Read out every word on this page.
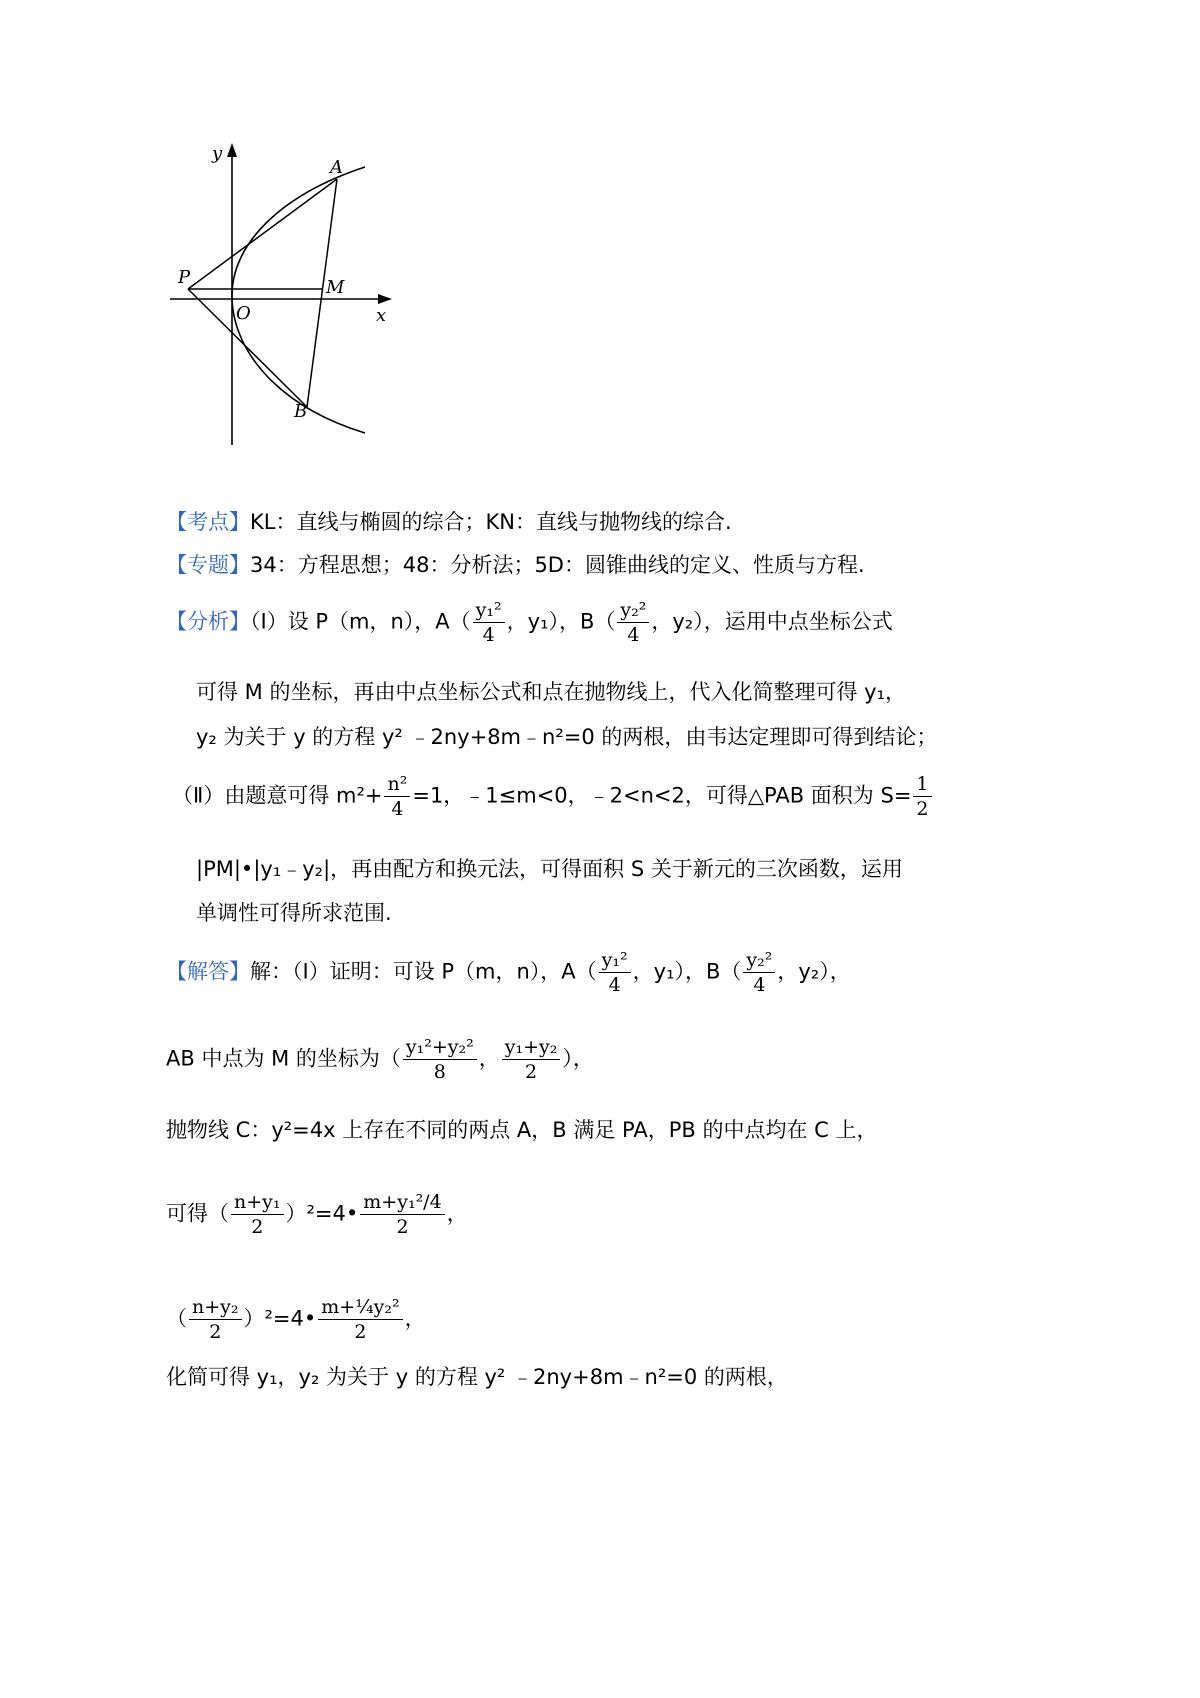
y
x
O
P
A
M
B
【考点】KL：直线与椭圆的综合；KN：直线与抛物线的综合.
【专题】34：方程思想；48：分析法；5D：圆锥曲线的定义、性质与方程.
【分析】（Ⅰ）设 P（m，n），$A( \frac{\text{y₁²}}{4}$ ，y₁），$B( \frac{\text{y₂²}}{4}$ ，y₂），运用中点坐标公式
可得 M 的坐标，再由中点坐标公式和点在抛物线上，代入化简整理可得 y₁，
y₂ 为关于 y 的方程 y² ﹣2ny+8m﹣n²=0 的两根，由韦达定理即可得到结论；
（Ⅱ）由题意可得 $m^2+ \frac{\text{n²}}{4} =1$，﹣1≤m<0，﹣2<n<2，可得△PAB 面积为 $S= \frac{1}{2}$
|PM|•|y₁﹣y₂|，再由配方和换元法，可得面积 S 关于新元的三次函数，运用
单调性可得所求范围.
【解答】解：（Ⅰ）证明：可设 P（m，n），$A( \frac{\text{y₁²}}{4}$ ，y₁），$B( \frac{\text{y₂²}}{4}$ ，y₂），
AB 中点为 M 的坐标为（ $\frac{\text{y₁²+y₂²}}{8}$ ， $\frac{\text{y₁+y₂}}{2}$ ），
抛物线 C：y²=4x 上存在不同的两点 A，B 满足 PA，PB 的中点均在 C 上，
可得（ $\frac{\text{n+y₁}}{2}$ ）²=4• $\frac{\text{m+y₁²/4}}{2}$ ，
（ $\frac{\text{n+y₂}}{2}$ ）²=4• $\frac{\text{m+¼y₂²}}{2}$ ，
化简可得 y₁，y₂ 为关于 y 的方程 y² ﹣2ny+8m﹣n²=0 的两根，
